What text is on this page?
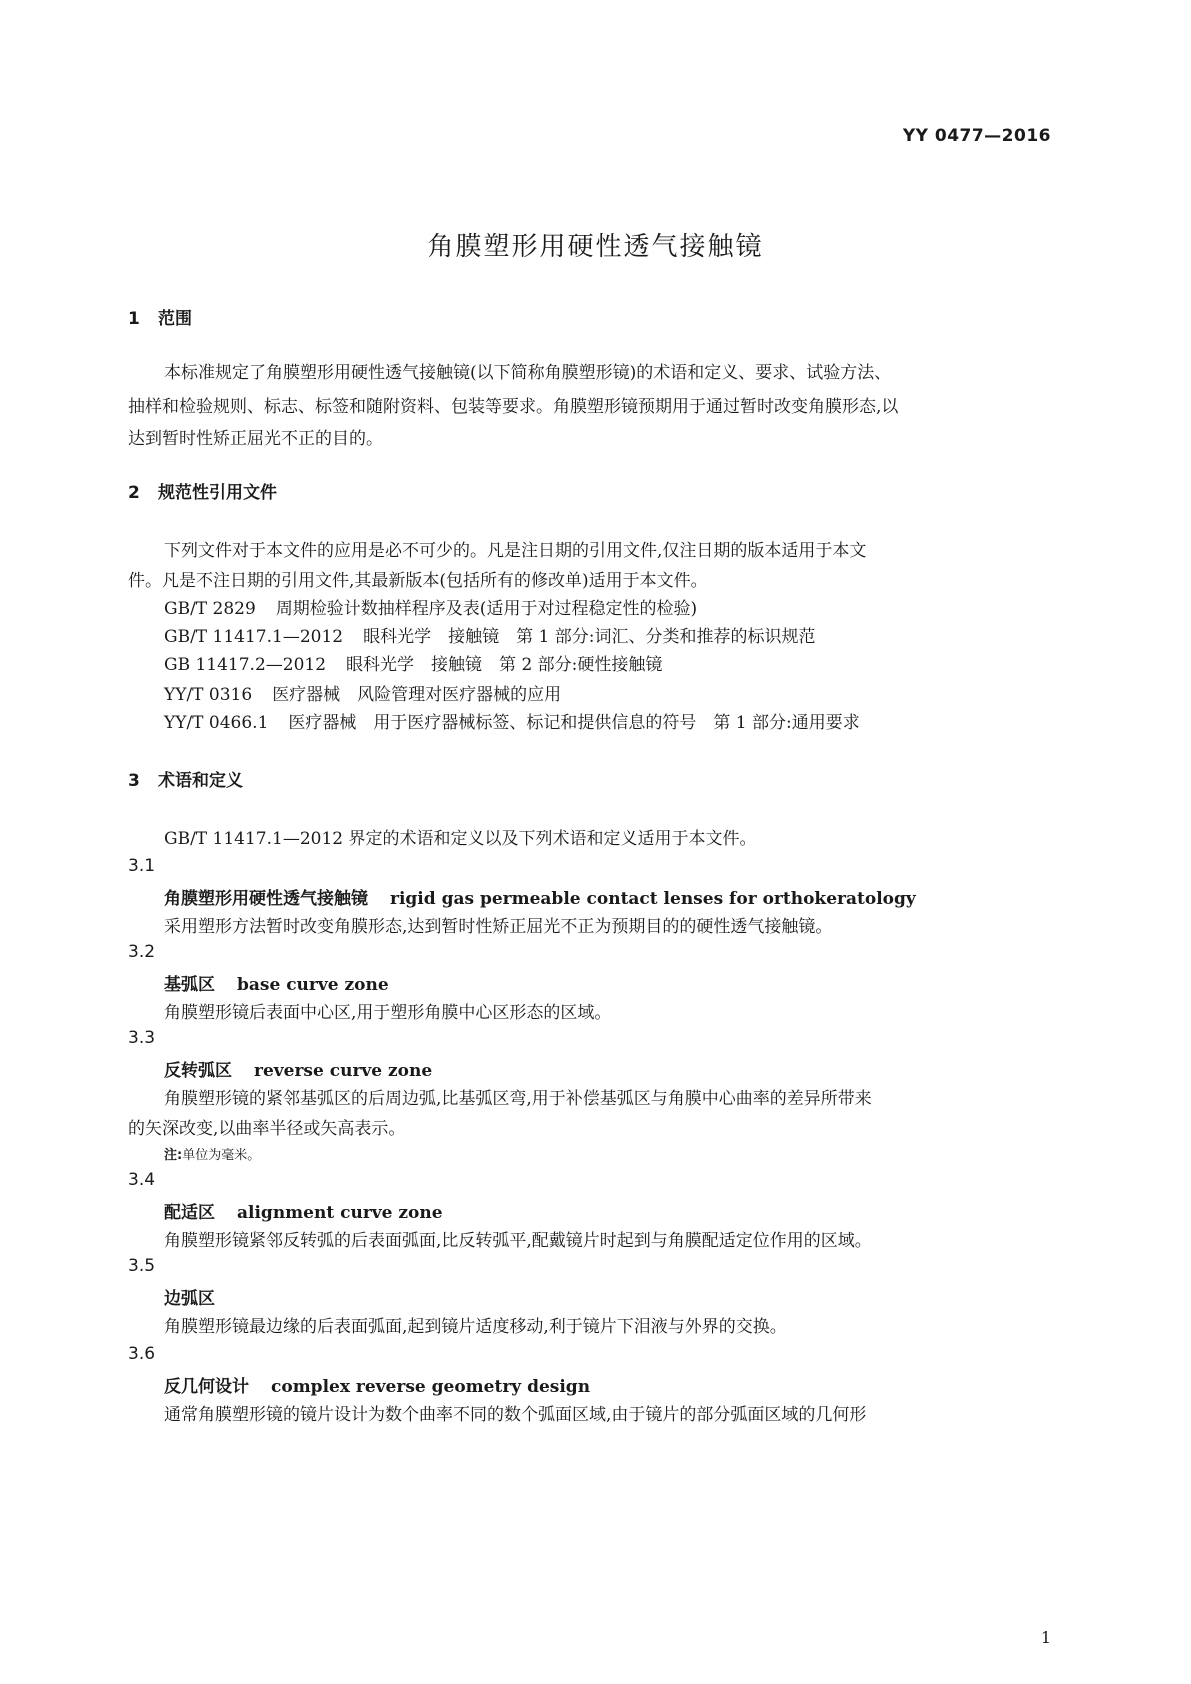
YY 0477—2016
角膜塑形用硬性透气接触镜
1 范围
本标准规定了角膜塑形用硬性透气接触镜(以下简称角膜塑形镜)的术语和定义、要求、试验方法、
抽样和检验规则、标志、标签和随附资料、包装等要求。角膜塑形镜预期用于通过暂时改变角膜形态,以
达到暂时性矫正屈光不正的目的。
2 规范性引用文件
下列文件对于本文件的应用是必不可少的。凡是注日期的引用文件,仅注日期的版本适用于本文
件。凡是不注日期的引用文件,其最新版本(包括所有的修改单)适用于本文件。
GB/T 2829 周期检验计数抽样程序及表(适用于对过程稳定性的检验)
GB/T 11417.1—2012 眼科光学　接触镜　第 1 部分:词汇、分类和推荐的标识规范
GB 11417.2—2012 眼科光学　接触镜　第 2 部分:硬性接触镜
YY/T 0316 医疗器械　风险管理对医疗器械的应用
YY/T 0466.1 医疗器械　用于医疗器械标签、标记和提供信息的符号　第 1 部分:通用要求
3 术语和定义
GB/T 11417.1—2012 界定的术语和定义以及下列术语和定义适用于本文件。
3.1
角膜塑形用硬性透气接触镜 rigid gas permeable contact lenses for orthokeratology
采用塑形方法暂时改变角膜形态,达到暂时性矫正屈光不正为预期目的的硬性透气接触镜。
3.2
基弧区 base curve zone
角膜塑形镜后表面中心区,用于塑形角膜中心区形态的区域。
3.3
反转弧区 reverse curve zone
角膜塑形镜的紧邻基弧区的后周边弧,比基弧区弯,用于补偿基弧区与角膜中心曲率的差异所带来
的矢深改变,以曲率半径或矢高表示。
注:单位为毫米。
3.4
配适区 alignment curve zone
角膜塑形镜紧邻反转弧的后表面弧面,比反转弧平,配戴镜片时起到与角膜配适定位作用的区域。
3.5
边弧区
角膜塑形镜最边缘的后表面弧面,起到镜片适度移动,利于镜片下泪液与外界的交换。
3.6
反几何设计 complex reverse geometry design
通常角膜塑形镜的镜片设计为数个曲率不同的数个弧面区域,由于镜片的部分弧面区域的几何形
1
